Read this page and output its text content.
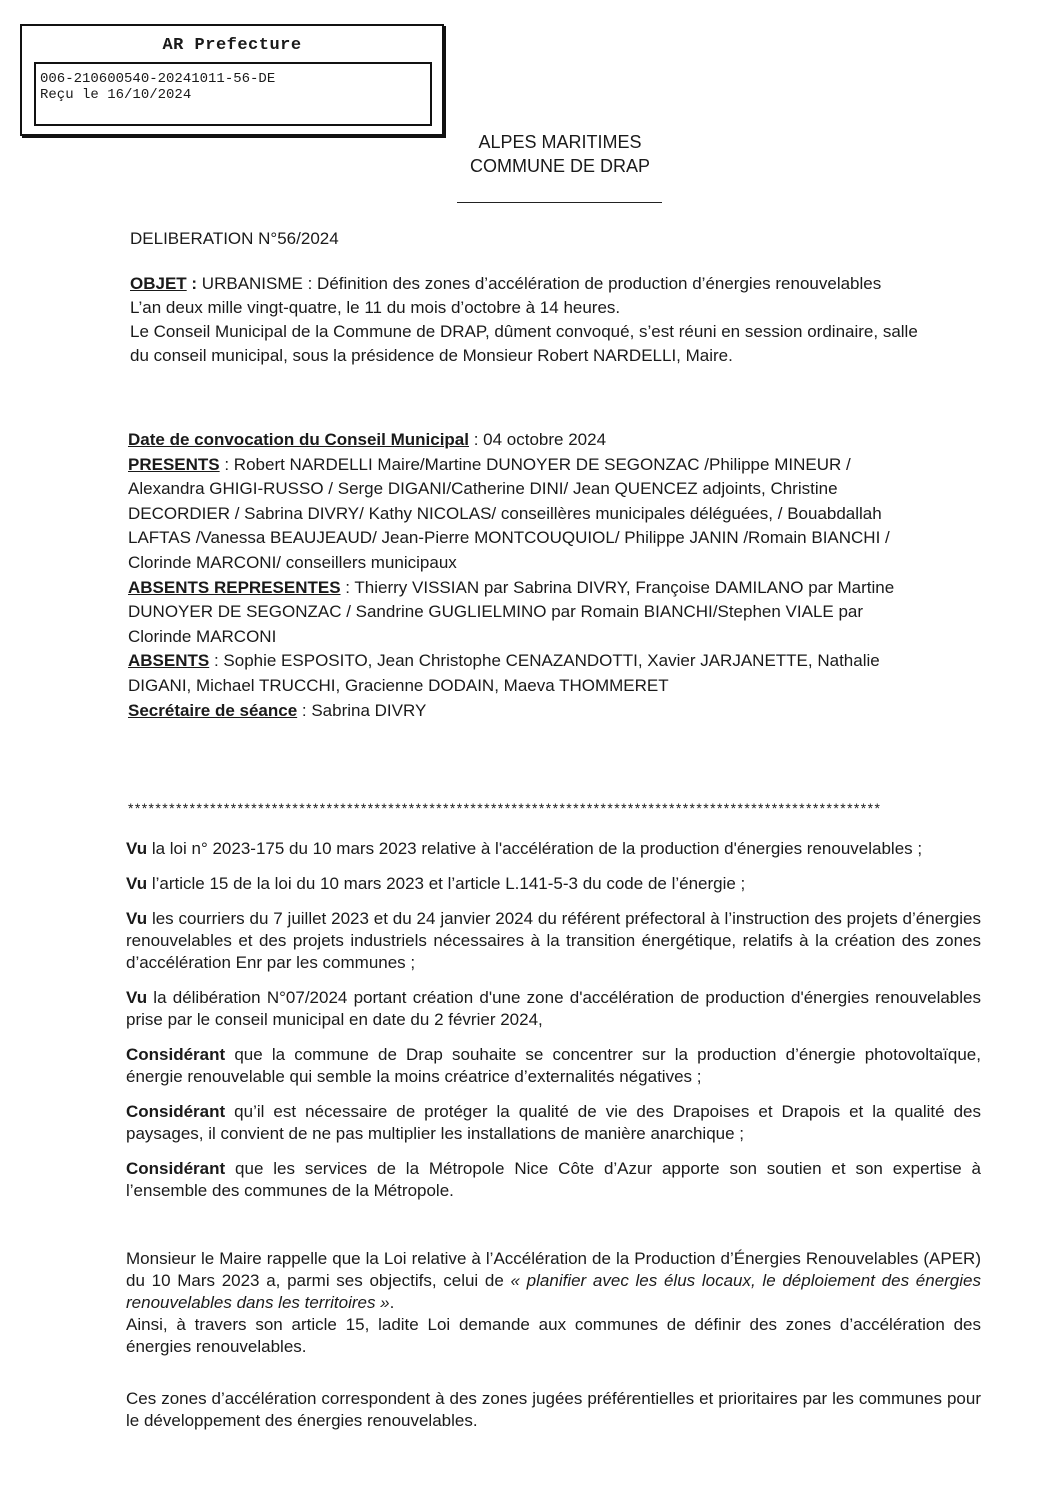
AR Prefecture
006-210600540-20241011-56-DE
Reçu le 16/10/2024
ALPES MARITIMES
COMMUNE DE DRAP
DELIBERATION N°56/2024
OBJET : URBANISME : Définition des zones d’accélération de production d’énergies renouvelables
L’an deux mille vingt-quatre, le 11 du mois d’octobre à 14 heures.
Le Conseil Municipal de la Commune de DRAP, dûment convoqué, s’est réuni en session ordinaire, salle du conseil municipal, sous la présidence de Monsieur Robert NARDELLI, Maire.
Date de convocation du Conseil Municipal : 04 octobre 2024
PRESENTS : Robert NARDELLI Maire/Martine DUNOYER DE SEGONZAC /Philippe MINEUR / Alexandra GHIGI-RUSSO / Serge DIGANI/Catherine DINI/ Jean QUENCEZ adjoints, Christine DECORDIER / Sabrina DIVRY/ Kathy NICOLAS/ conseillères municipales déléguées, / Bouabdallah LAFTAS /Vanessa BEAUJEAUD/ Jean-Pierre MONTCOUQUIOL/ Philippe JANIN /Romain BIANCHI / Clorinde MARCONI/ conseillers municipaux
ABSENTS REPRESENTES : Thierry VISSIAN par Sabrina DIVRY, Françoise DAMILANO par Martine DUNOYER DE SEGONZAC / Sandrine GUGLIELMINO par Romain BIANCHI/Stephen VIALE par Clorinde MARCONI
ABSENTS : Sophie ESPOSITO, Jean Christophe CENAZANDOTTI, Xavier JARJANETTE, Nathalie DIGANI, Michael TRUCCHI, Gracienne DODAIN, Maeva THOMMERET
Secrétaire de séance : Sabrina DIVRY
**************************************************************************************************************

Vu la loi n° 2023-175 du 10 mars 2023 relative à l'accélération de la production d'énergies renouvelables ;

Vu l’article 15 de la loi du 10 mars 2023 et l’article L.141-5-3 du code de l’énergie ;

Vu les courriers du 7 juillet 2023 et du 24 janvier 2024 du référent préfectoral à l’instruction des projets d’énergies renouvelables et des projets industriels nécessaires à la transition énergétique, relatifs à la création des zones d’accélération Enr par les communes ;

Vu la délibération N°07/2024 portant création d'une zone d'accélération de production d'énergies renouvelables prise par le conseil municipal en date du 2 février 2024,

Considérant que la commune de Drap souhaite se concentrer sur la production d’énergie photovoltaïque, énergie renouvelable qui semble la moins créatrice d’externalités négatives ;

Considérant qu’il est nécessaire de protéger la qualité de vie des Drapoises et Drapois et la qualité des paysages, il convient de ne pas multiplier les installations de manière anarchique ;

Considérant que les services de la Métropole Nice Côte d’Azur apporte son soutien et son expertise à l’ensemble des communes de la Métropole.

Monsieur le Maire rappelle que la Loi relative à l’Accélération de la Production d’Énergies Renouvelables (APER) du 10 Mars 2023 a, parmi ses objectifs, celui de « planifier avec les élus locaux, le déploiement des énergies renouvelables dans les territoires ».
Ainsi, à travers son article 15, ladite Loi demande aux communes de définir des zones d’accélération des énergies renouvelables.

Ces zones d’accélération correspondent à des zones jugées préférentielles et prioritaires par les communes pour le développement des énergies renouvelables.
